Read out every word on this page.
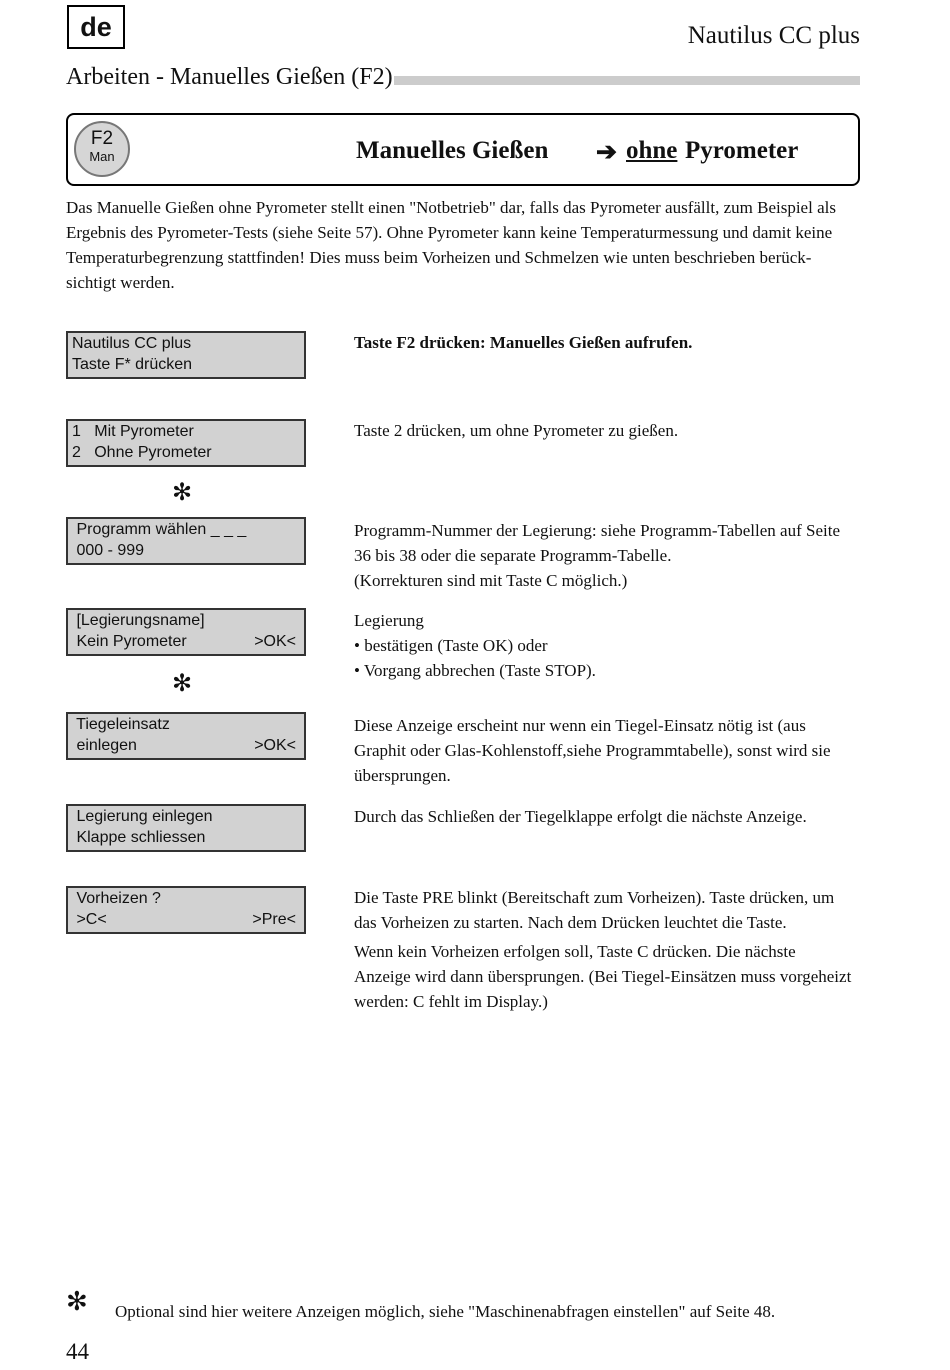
de	Nautilus CC plus
Arbeiten - Manuelles Gießen (F2)
F2
Man	Manuelles Gießen ➔ ohne Pyrometer
Das Manuelle Gießen ohne Pyrometer stellt einen "Notbetrieb" dar, falls das Pyrometer ausfällt, zum Beispiel als
Ergebnis des Pyrometer-Tests (siehe Seite 57). Ohne Pyrometer kann keine Temperaturmessung und damit keine
Temperaturbegrenzung stattfinden! Dies muss beim Vorheizen und Schmelzen wie unten beschrieben berück-
sichtigt werden.
Nautilus CC plus
Taste F* drücken

Taste F2 drücken: Manuelles Gießen aufrufen.

1   Mit Pyrometer
2   Ohne Pyrometer

Taste 2 drücken, um ohne Pyrometer zu gießen.

✻
Programm wählen _ _ _
000 - 999

Programm-Nummer der Legierung: siehe Programm-Tabellen auf Seite

36 bis 38 oder die separate Programm-Tabelle.

(Korrekturen sind mit Taste C möglich.)

[Legierungsname]
Kein Pyrometer	>OK<

Legierung

• bestätigen (Taste OK) oder

• Vorgang abbrechen (Taste STOP).

✻
Tiegeleinsatz
einlegen	>OK<

Diese Anzeige erscheint nur wenn ein Tiegel-Einsatz nötig ist (aus

Graphit oder Glas-Kohlenstoff,siehe Programmtabelle), sonst wird sie

übersprungen.

Legierung einlegen
Klappe schliessen

Durch das Schließen der Tiegelklappe erfolgt die nächste Anzeige.

Vorheizen ?
>C<	>Pre<

Die Taste PRE blinkt (Bereitschaft zum Vorheizen). Taste drücken, um

das Vorheizen zu starten. Nach dem Drücken leuchtet die Taste.

Wenn kein Vorheizen erfolgen soll, Taste C drücken. Die nächste

Anzeige wird dann übersprungen. (Bei Tiegel-Einsätzen muss vorgeheizt

werden: C fehlt im Display.)

✻ Optional sind hier weitere Anzeigen möglich, siehe "Maschinenabfragen einstellen" auf Seite 48.
44
